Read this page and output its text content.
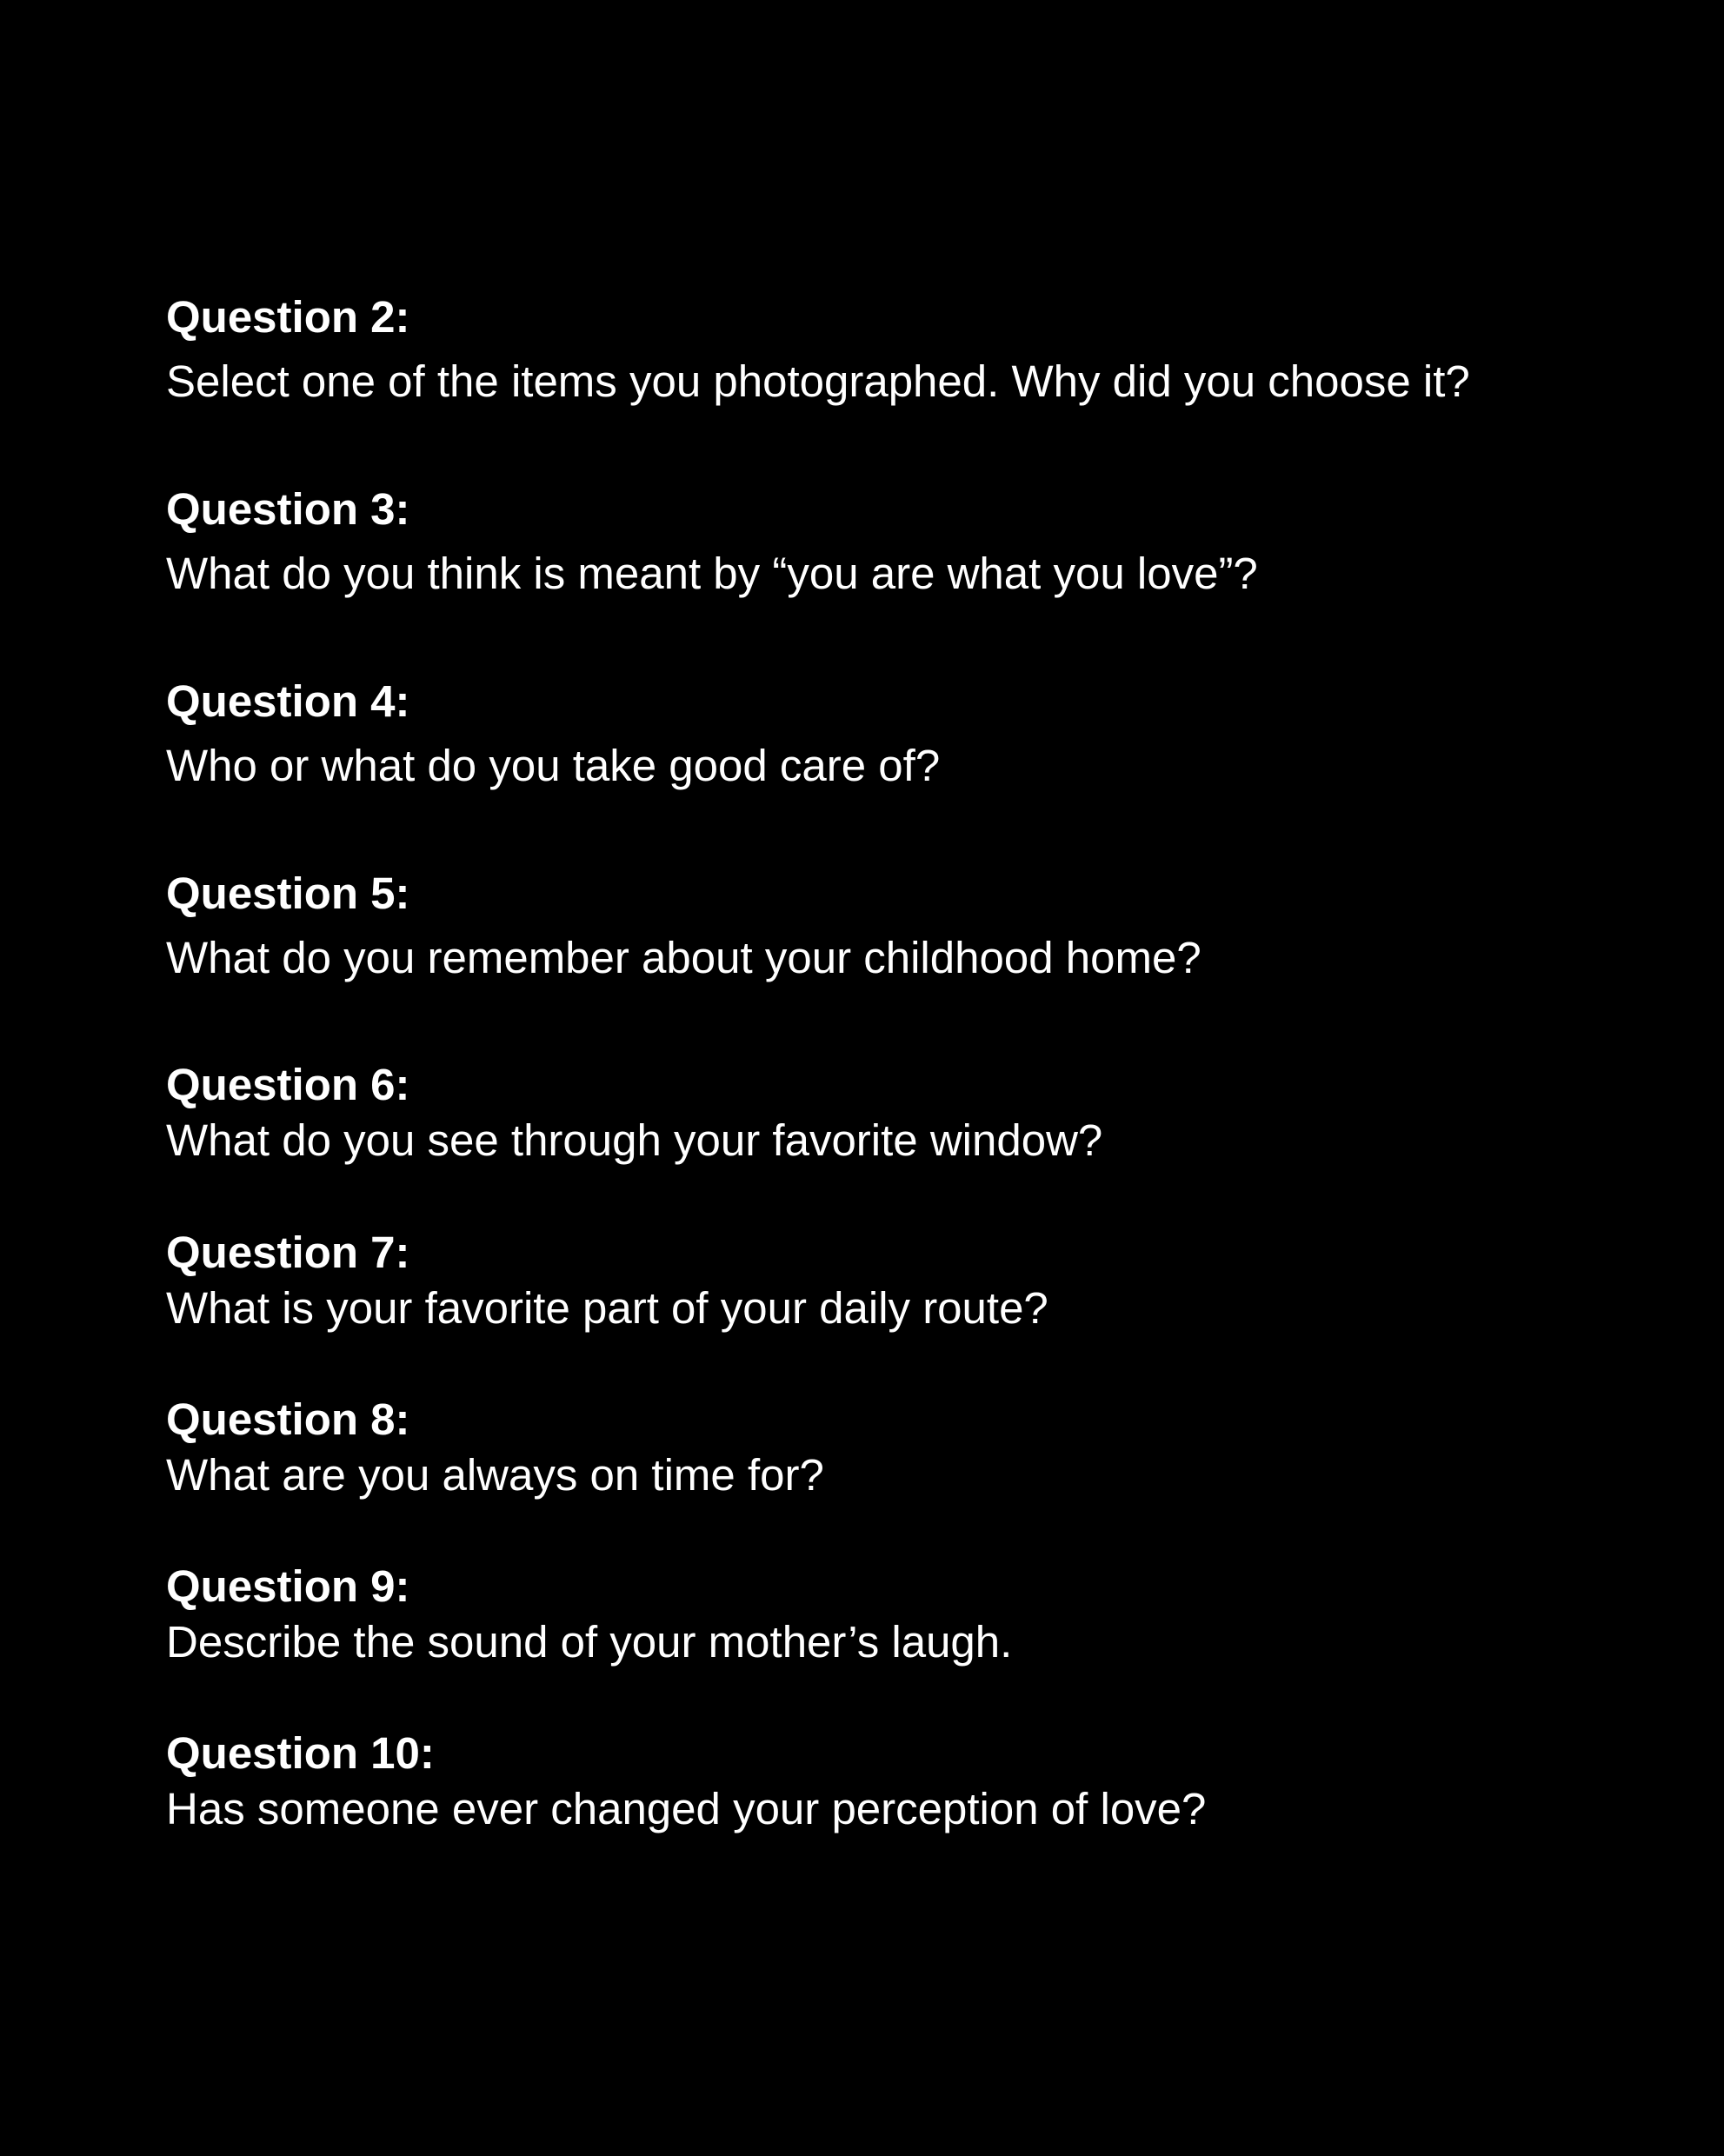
Question 2:
Select one of the items you photographed. Why did you choose it?
Question 3:
What do you think is meant by “you are what you love”?
Question 4:
Who or what do you take good care of?
Question 5:
What do you remember about your childhood home?
Question 6:
What do you see through your favorite window?
Question 7:
What is your favorite part of your daily route?
Question 8:
What are you always on time for?
Question 9:
Describe the sound of your mother’s laugh.
Question 10:
Has someone ever changed your perception of love?
